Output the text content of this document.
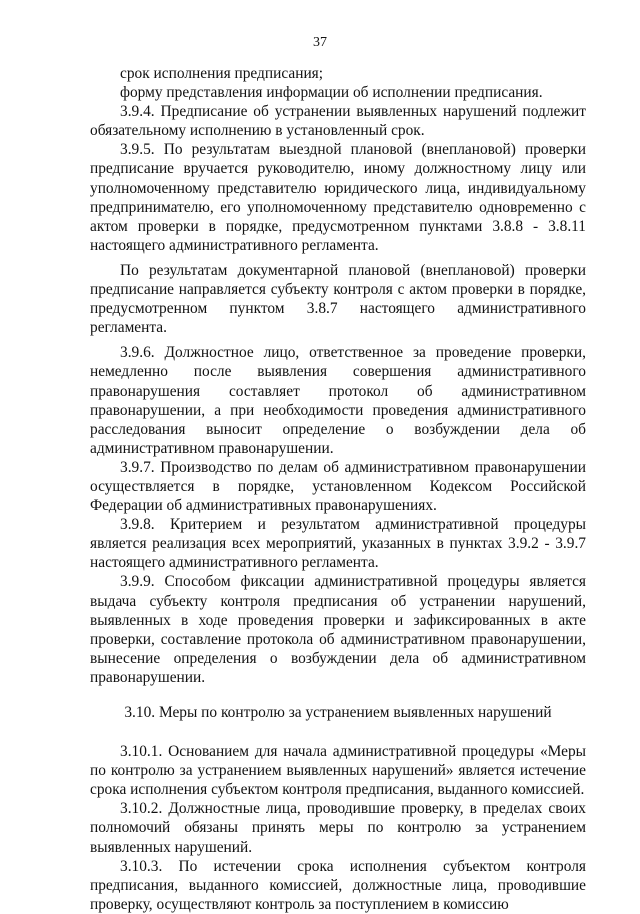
37

срок исполнения предписания;

форму представления информации об исполнении предписания.

3.9.4. Предписание об устранении выявленных нарушений подлежит обязательному исполнению в установленный срок.

3.9.5. По результатам выездной плановой (внеплановой) проверки предписание вручается руководителю, иному должностному лицу или уполномоченному представителю юридического лица, индивидуальному предпринимателю, его уполномоченному представителю одновременно с актом проверки в порядке, предусмотренном пунктами 3.8.8 - 3.8.11 настоящего административного регламента.

По результатам документарной плановой (внеплановой) проверки предписание направляется субъекту контроля с актом проверки в порядке, предусмотренном пунктом 3.8.7 настоящего административного регламента.

3.9.6. Должностное лицо, ответственное за проведение проверки, немедленно после выявления совершения административного правонарушения составляет протокол об административном правонарушении, а при необходимости проведения административного расследования выносит определение о возбуждении дела об административном правонарушении.

3.9.7. Производство по делам об административном правонарушении осуществляется в порядке, установленном Кодексом Российской Федерации об административных правонарушениях.

3.9.8. Критерием и результатом административной процедуры является реализация всех мероприятий, указанных в пунктах 3.9.2 - 3.9.7 настоящего административного регламента.

3.9.9. Способом фиксации административной процедуры является выдача субъекту контроля предписания об устранении нарушений, выявленных в ходе проведения проверки и зафиксированных в акте проверки, составление протокола об административном правонарушении, вынесение определения о возбуждении дела об административном правонарушении.

3.10. Меры по контролю за устранением выявленных нарушений

3.10.1. Основанием для начала административной процедуры «Меры по контролю за устранением выявленных нарушений» является истечение срока исполнения субъектом контроля предписания, выданного комиссией.

3.10.2. Должностные лица, проводившие проверку, в пределах своих полномочий обязаны принять меры по контролю за устранением выявленных нарушений.

3.10.3. По истечении срока исполнения субъектом контроля предписания, выданного комиссией, должностные лица, проводившие проверку, осуществляют контроль за поступлением в комиссию
